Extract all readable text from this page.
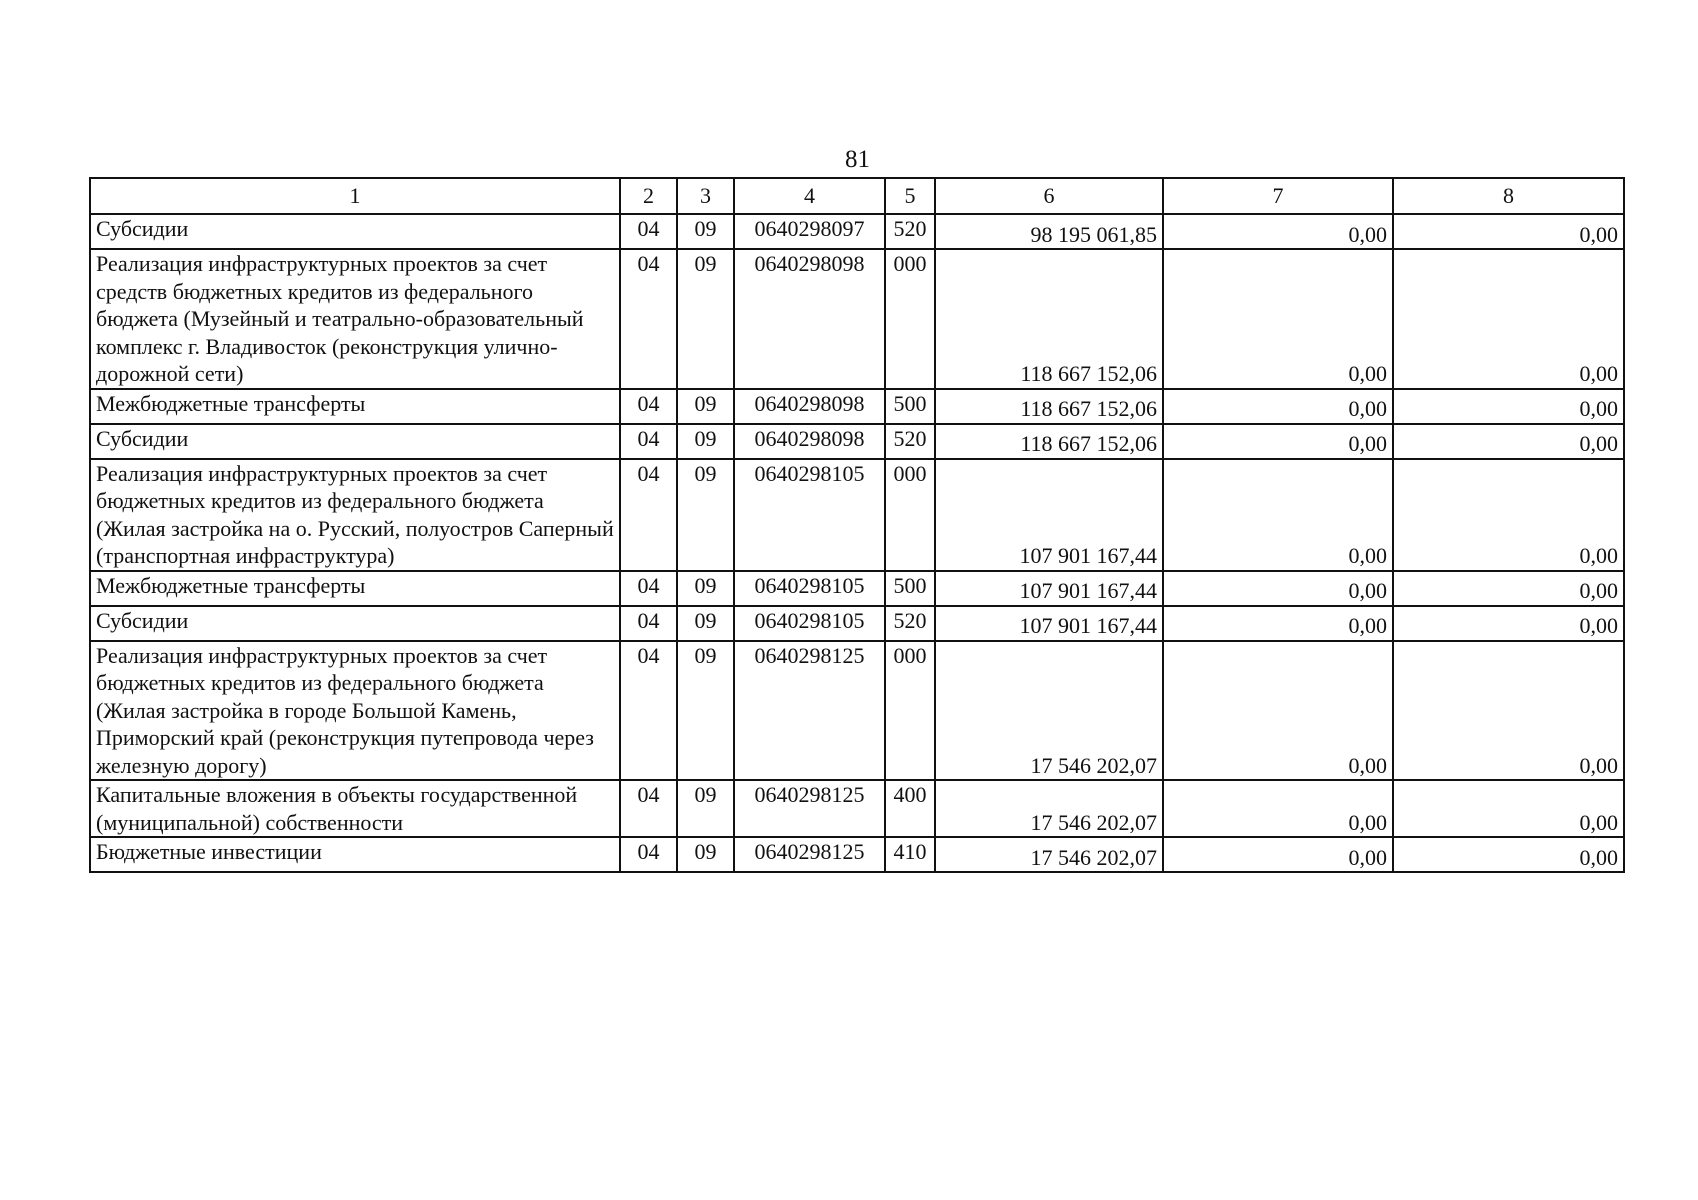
81
1	2	3	4	5	6	7	8
Субсидии	04	09	0640298097	520	98 195 061,85	0,00	0,00
Реализация инфраструктурных проектов за счет средств бюджетных кредитов из федерального бюджета (Музейный и театрально-образовательный комплекс г. Владивосток (реконструкция улично-дорожной сети)	04	09	0640298098	000	118 667 152,06	0,00	0,00
Межбюджетные трансферты	04	09	0640298098	500	118 667 152,06	0,00	0,00
Субсидии	04	09	0640298098	520	118 667 152,06	0,00	0,00
Реализация инфраструктурных проектов за счет бюджетных кредитов из федерального бюджета (Жилая застройка на о. Русский, полуостров Саперный (транспортная инфраструктура)	04	09	0640298105	000	107 901 167,44	0,00	0,00
Межбюджетные трансферты	04	09	0640298105	500	107 901 167,44	0,00	0,00
Субсидии	04	09	0640298105	520	107 901 167,44	0,00	0,00
Реализация инфраструктурных проектов за счет бюджетных кредитов из федерального бюджета (Жилая застройка в городе Большой Камень, Приморский край (реконструкция путепровода через железную дорогу)	04	09	0640298125	000	17 546 202,07	0,00	0,00
Капитальные вложения в объекты государственной (муниципальной) собственности	04	09	0640298125	400	17 546 202,07	0,00	0,00
Бюджетные инвестиции	04	09	0640298125	410	17 546 202,07	0,00	0,00
